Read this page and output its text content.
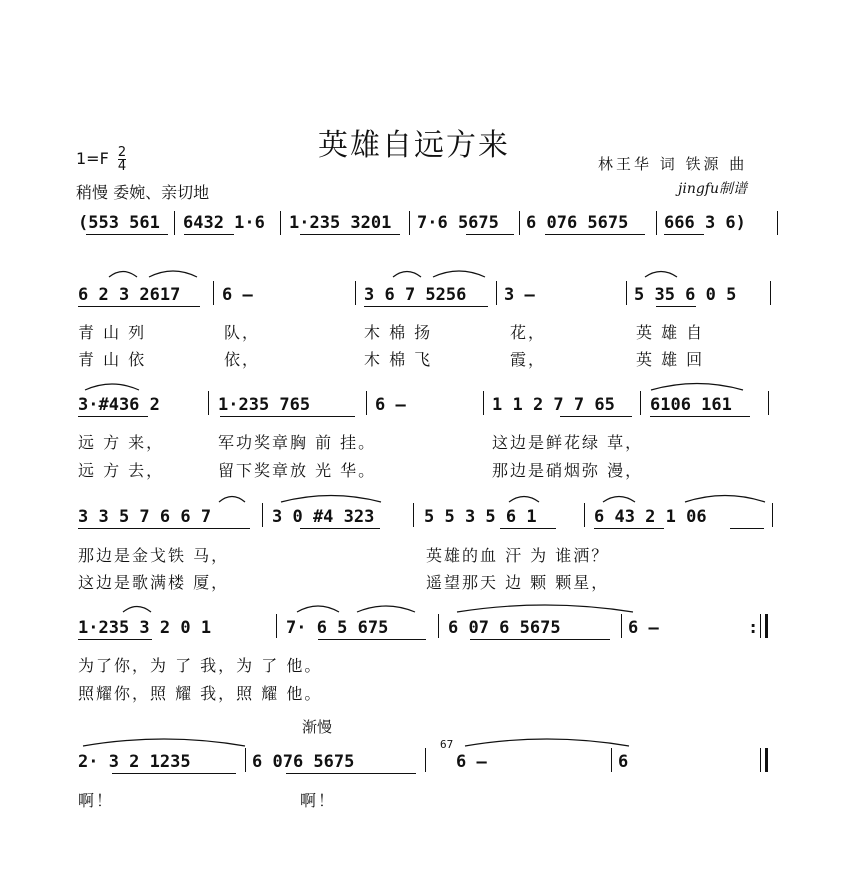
英雄自远方来
$1=F \frac{2}{4}$
稍慢 委婉、亲切地
林王华 词 铁源 曲
jingfu制谱
(553 561 6432 1·6 1·235 3201 7·6 5675 6 076 5675 666 3 6)
6 2 3 2617 6 –	3 6 7 5256 3 –	5 35 6 0 5
青 山 列	队，	木 棉 扬	花，	英 雄 自
青 山 依	依，	木 棉 飞	霞，	英 雄 回
3·#436 2	1·235 765	6 –	1 1 2 7 7 65 6106 161
远 方 来，	军功奖章胸 前 挂。	这边是鲜花绿 草，
远 方 去，	留下奖章放 光 华。	那边是硝烟弥 漫，
3 3 5 7 6 6 7	3 0 #4 323	5 5 3 5 6 1	6 43 2 1 06
那边是金戈铁 马，	英雄的血 汗 为 谁洒？
这边是歌满楼 厦，	遥望那天 边 颗 颗星，
1·235 3 2 0 1	7· 6 5 675	6 07 6 5675	6 –	:
为了你，为 了 我，为 了 他。
照耀你，照 耀 我，照 耀 他。
渐慢
2· 3 2 1235	6 076 5675
67
6 –	6
啊！	啊！
